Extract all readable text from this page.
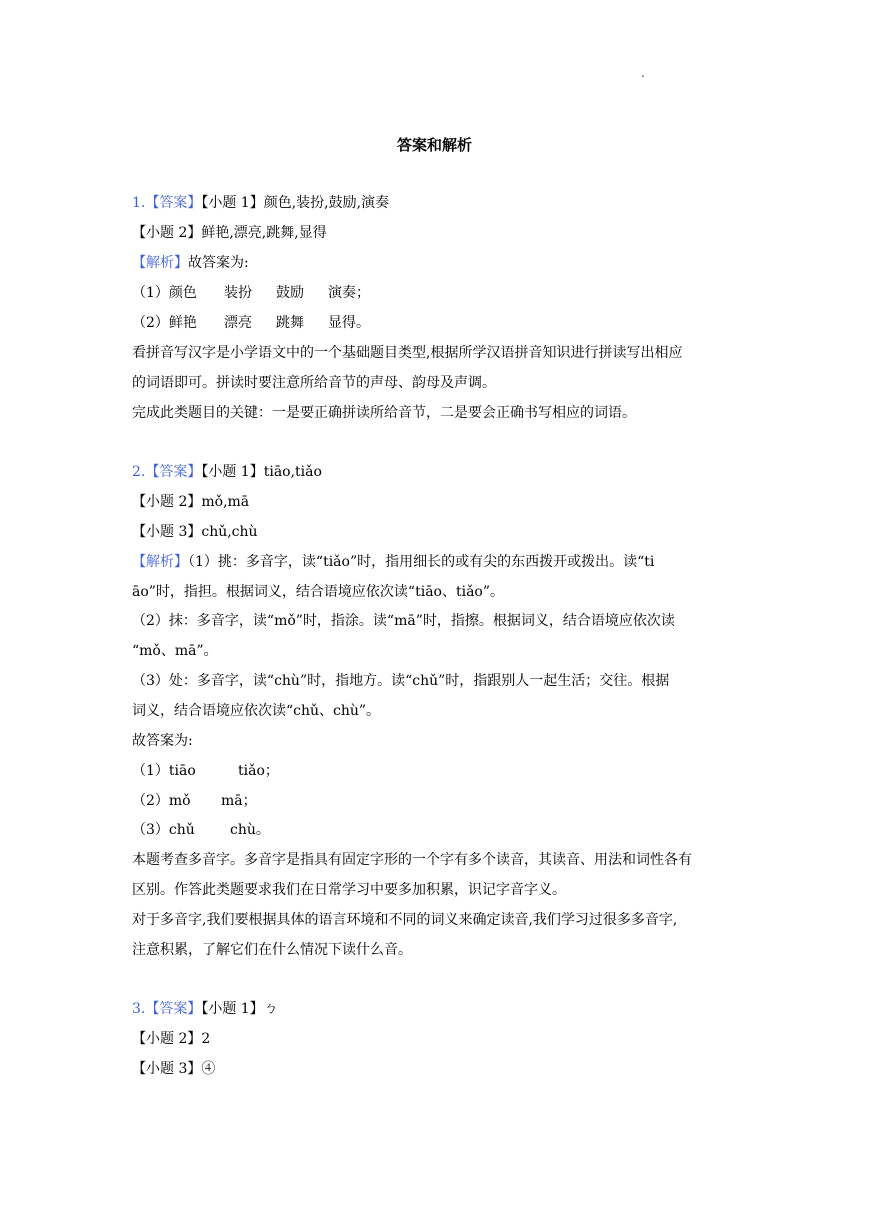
.
答案和解析
1.【答案】【小题 1】颜色,装扮,鼓励,演奏
【小题 2】鲜艳,漂亮,跳舞,显得
【解析】故答案为:
（1）颜色 装扮 鼓励 演奏；
（2）鲜艳 漂亮 跳舞 显得。
看拼音写汉字是小学语文中的一个基础题目类型,根据所学汉语拼音知识进行拼读写出相应
的词语即可。拼读时要注意所给音节的声母、韵母及声调。
完成此类题目的关键：一是要正确拼读所给音节，二是要会正确书写相应的词语。
2.【答案】【小题 1】tiāo,tiǎo
【小题 2】mǒ,mā
【小题 3】chǔ,chù
【解析】（1）挑：多音字，读“tiǎo”时，指用细长的或有尖的东西拨开或拨出。读“ti
āo”时，指担。根据词义，结合语境应依次读“tiāo、tiǎo”。
（2）抹：多音字，读“mǒ”时，指涂。读“mā”时，指擦。根据词义，结合语境应依次读
“mǒ、mā”。
（3）处：多音字，读“chù”时，指地方。读“chǔ”时，指跟别人一起生活；交往。根据
词义，结合语境应依次读“chǔ、chù”。
故答案为:
（1）tiāo	tiǎo；
（2）mǒ mā；
（3）chǔ	chù。
本题考查多音字。多音字是指具有固定字形的一个字有多个读音，其读音、用法和词性各有
区别。作答此类题要求我们在日常学习中要多加积累，识记字音字义。
对于多音字,我们要根据具体的语言环境和不同的词义来确定读音,我们学习过很多多音字,
注意积累，了解它们在什么情况下读什么音。
3.【答案】【小题 1】ㄅ
【小题 2】2
【小题 3】④
